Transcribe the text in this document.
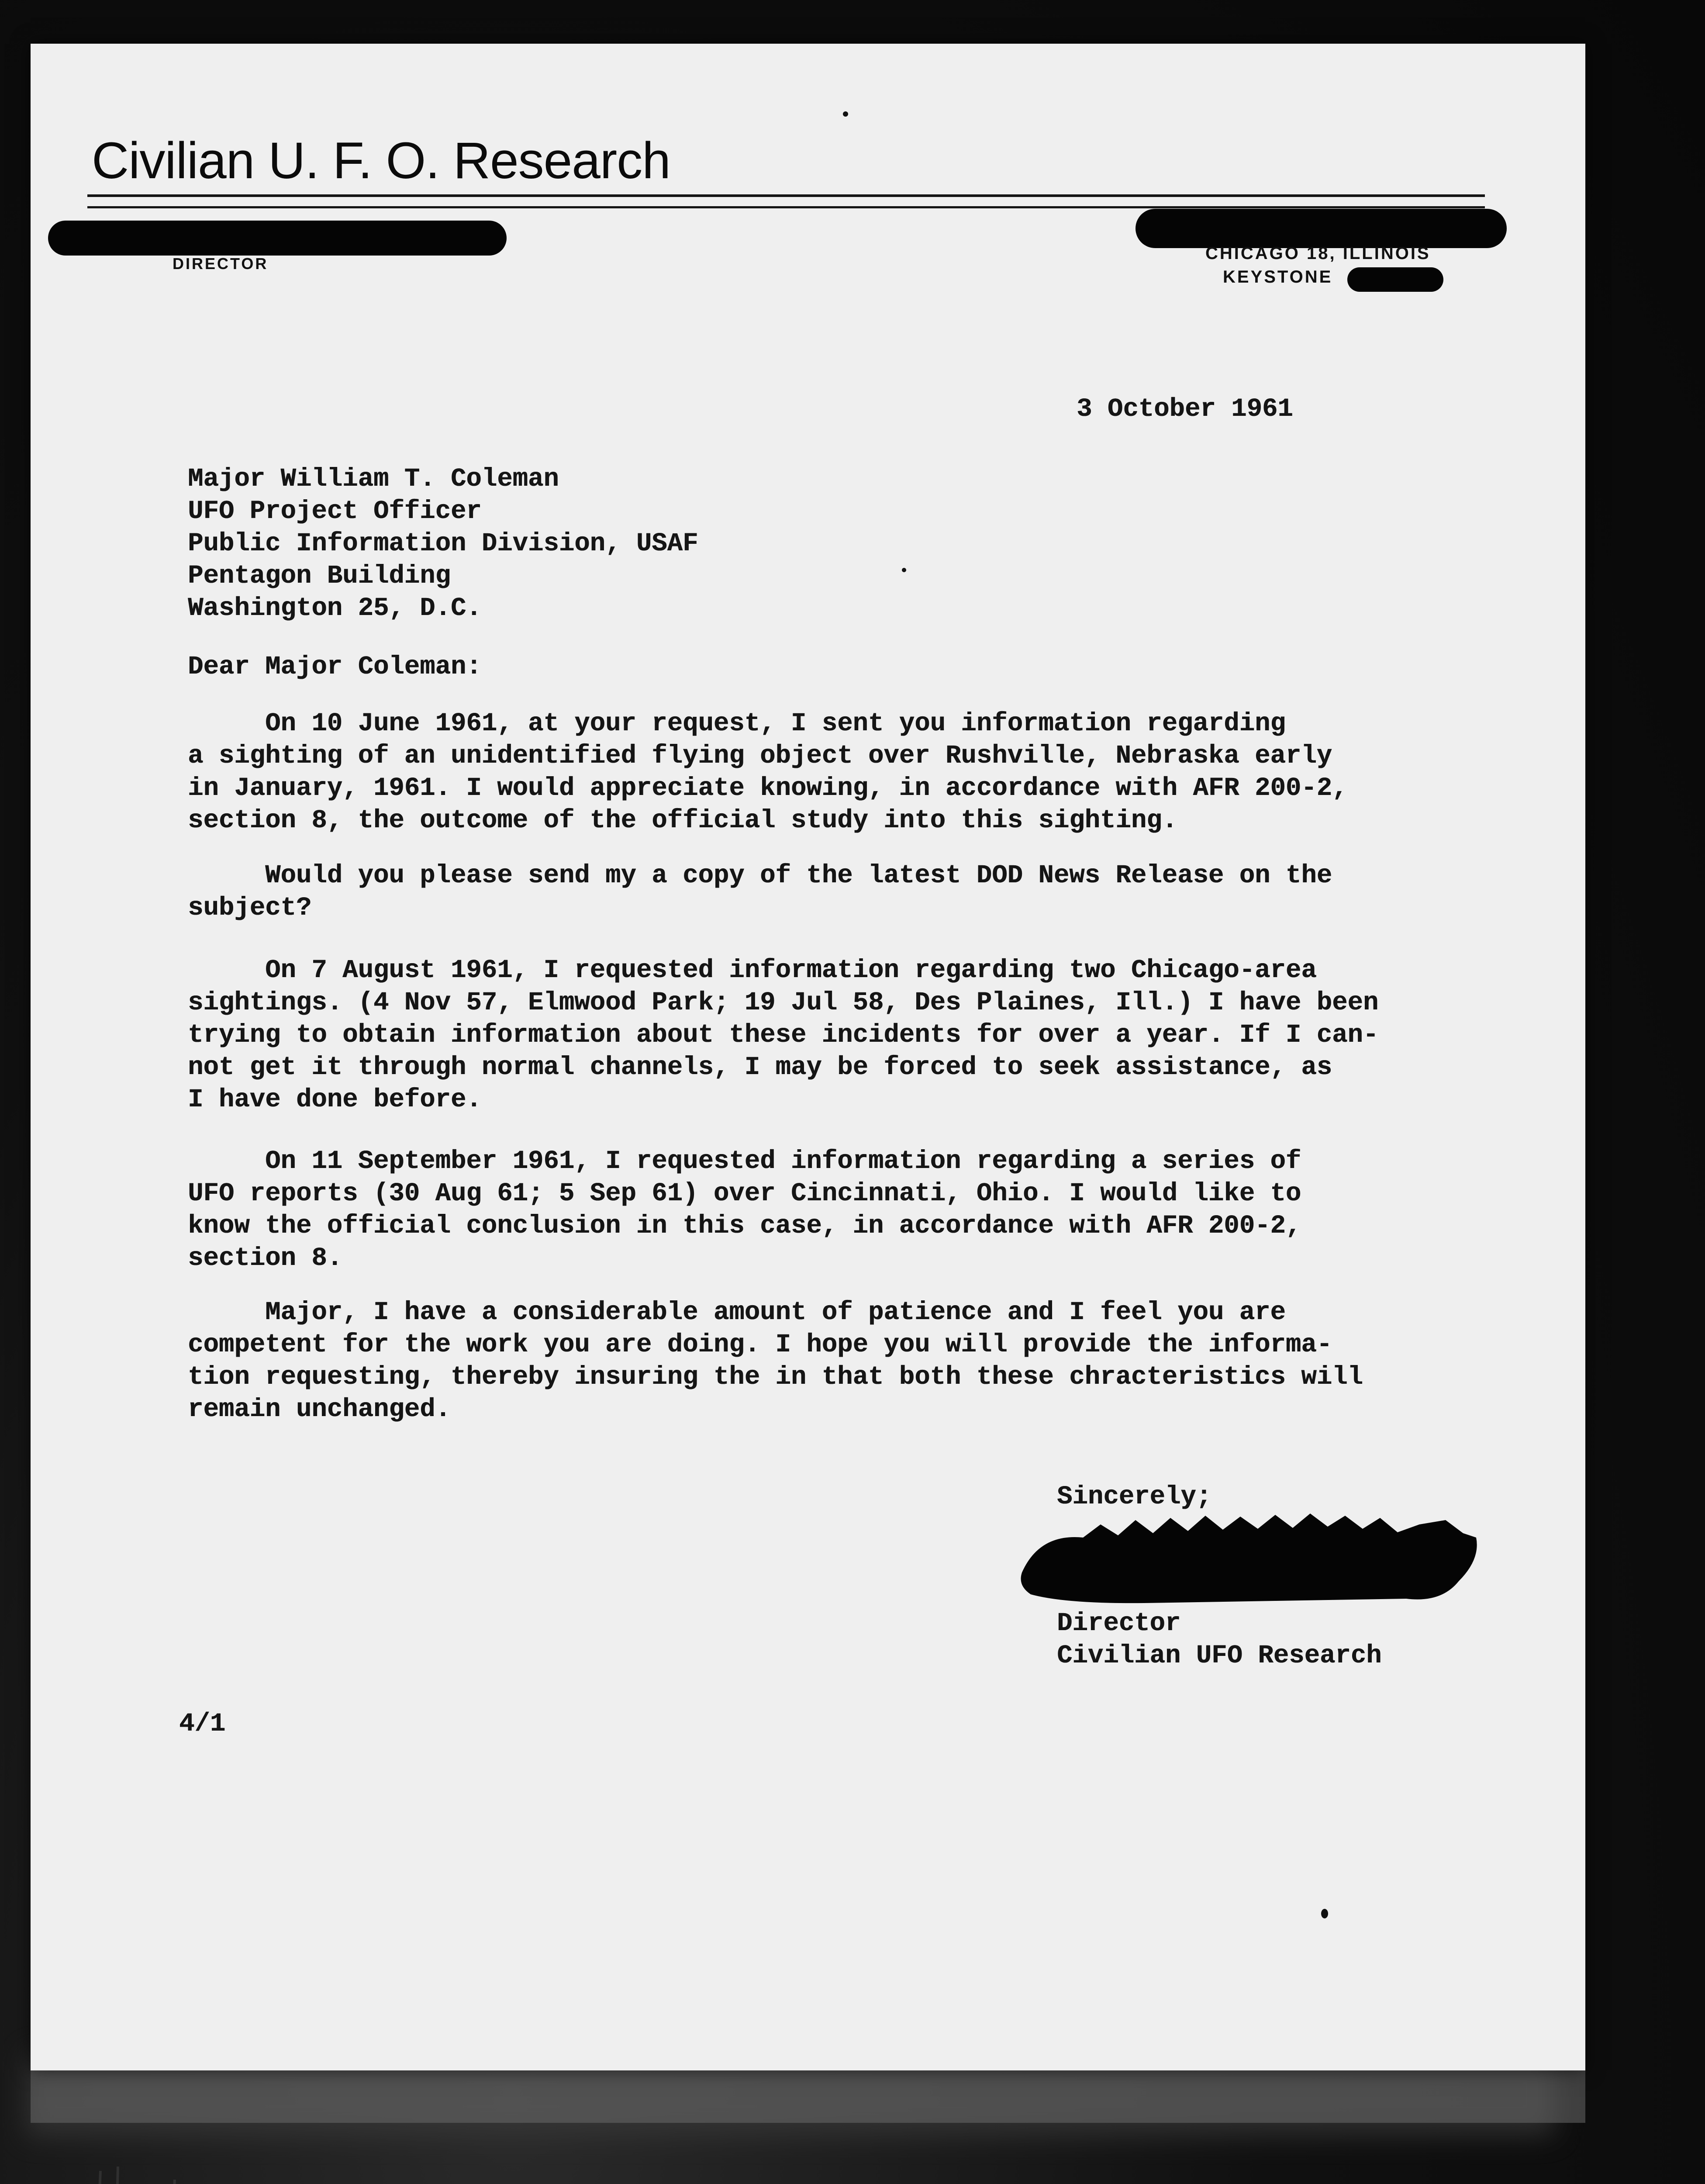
Civilian U. F. O. Research
DIRECTOR
CHICAGO 18, ILLINOIS
KEYSTONE
3 October 1961
Major William T. Coleman
UFO Project Officer
Public Information Division, USAF
Pentagon Building
Washington 25, D.C.
Dear Major Coleman:
On 10 June 1961, at your request, I sent you information regarding
a sighting of an unidentified flying object over Rushville, Nebraska early
in January, 1961. I would appreciate knowing, in accordance with AFR 200-2,
section 8, the outcome of the official study into this sighting.
Would you please send my a copy of the latest DOD News Release on the
subject?
On 7 August 1961, I requested information regarding two Chicago-area
sightings. (4 Nov 57, Elmwood Park; 19 Jul 58, Des Plaines, Ill.) I have been
trying to obtain information about these incidents for over a year. If I can-
not get it through normal channels, I may be forced to seek assistance, as
I have done before.
On 11 September 1961, I requested information regarding a series of
UFO reports (30 Aug 61; 5 Sep 61) over Cincinnati, Ohio. I would like to
know the official conclusion in this case, in accordance with AFR 200-2,
section 8.
Major, I have a considerable amount of patience and I feel you are
competent for the work you are doing. I hope you will provide the informa-
tion requesting, thereby insuring the in that both these chracteristics will
remain unchanged.
Sincerely;
Director
Civilian UFO Research
4/1
